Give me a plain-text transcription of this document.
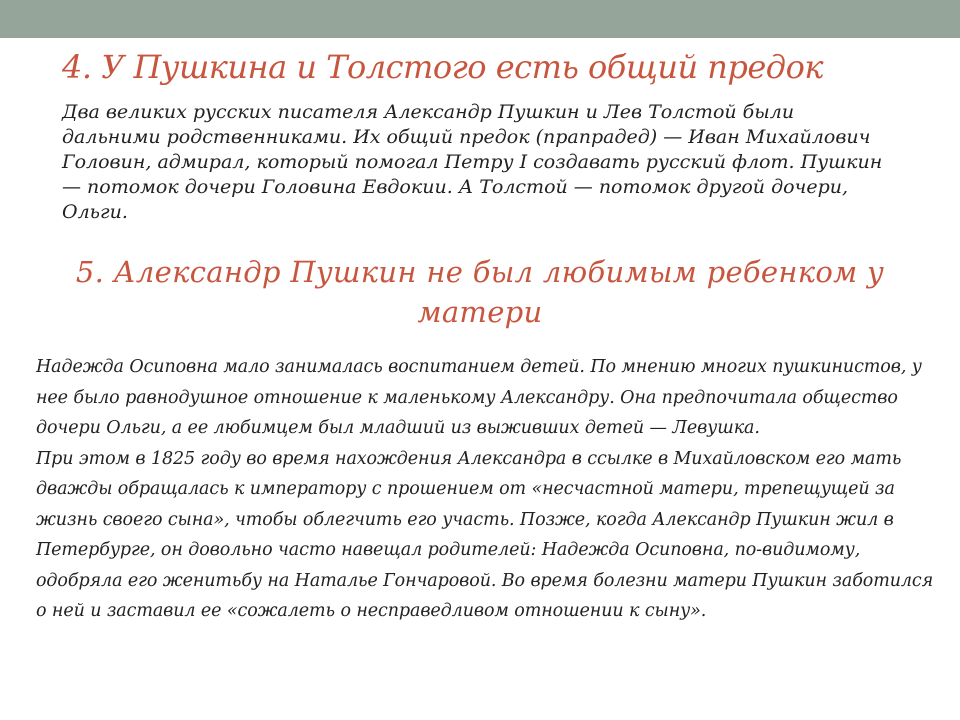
4. У Пушкина и Толстого есть общий предок

Два великих русских писателя Александр Пушкин и Лев Толстой были дальними родственниками. Их общий предок (прапрадед) — Иван Михайлович Головин, адмирал, который помогал Петру I создавать русский флот. Пушкин — потомок дочери Головина Евдокии. А Толстой — потомок другой дочери, Ольги.

5. Александр Пушкин не был любимым ребенком у матери
Надежда Осиповна мало занималась воспитанием детей. По мнению многих пушкинистов, у нее было равнодушное отношение к маленькому Александру. Она предпочитала общество дочери Ольги, а ее любимцем был младший из выживших детей — Левушка.
При этом в 1825 году во время нахождения Александра в ссылке в Михайловском его мать дважды обращалась к императору с прошением от «несчастной матери, трепещущей за жизнь своего сына», чтобы облегчить его участь. Позже, когда Александр Пушкин жил в Петербурге, он довольно часто навещал родителей: Надежда Осиповна, по-видимому, одобряла его женитьбу на Наталье Гончаровой. Во время болезни матери Пушкин заботился о ней и заставил ее «сожалеть о несправедливом отношении к сыну».
